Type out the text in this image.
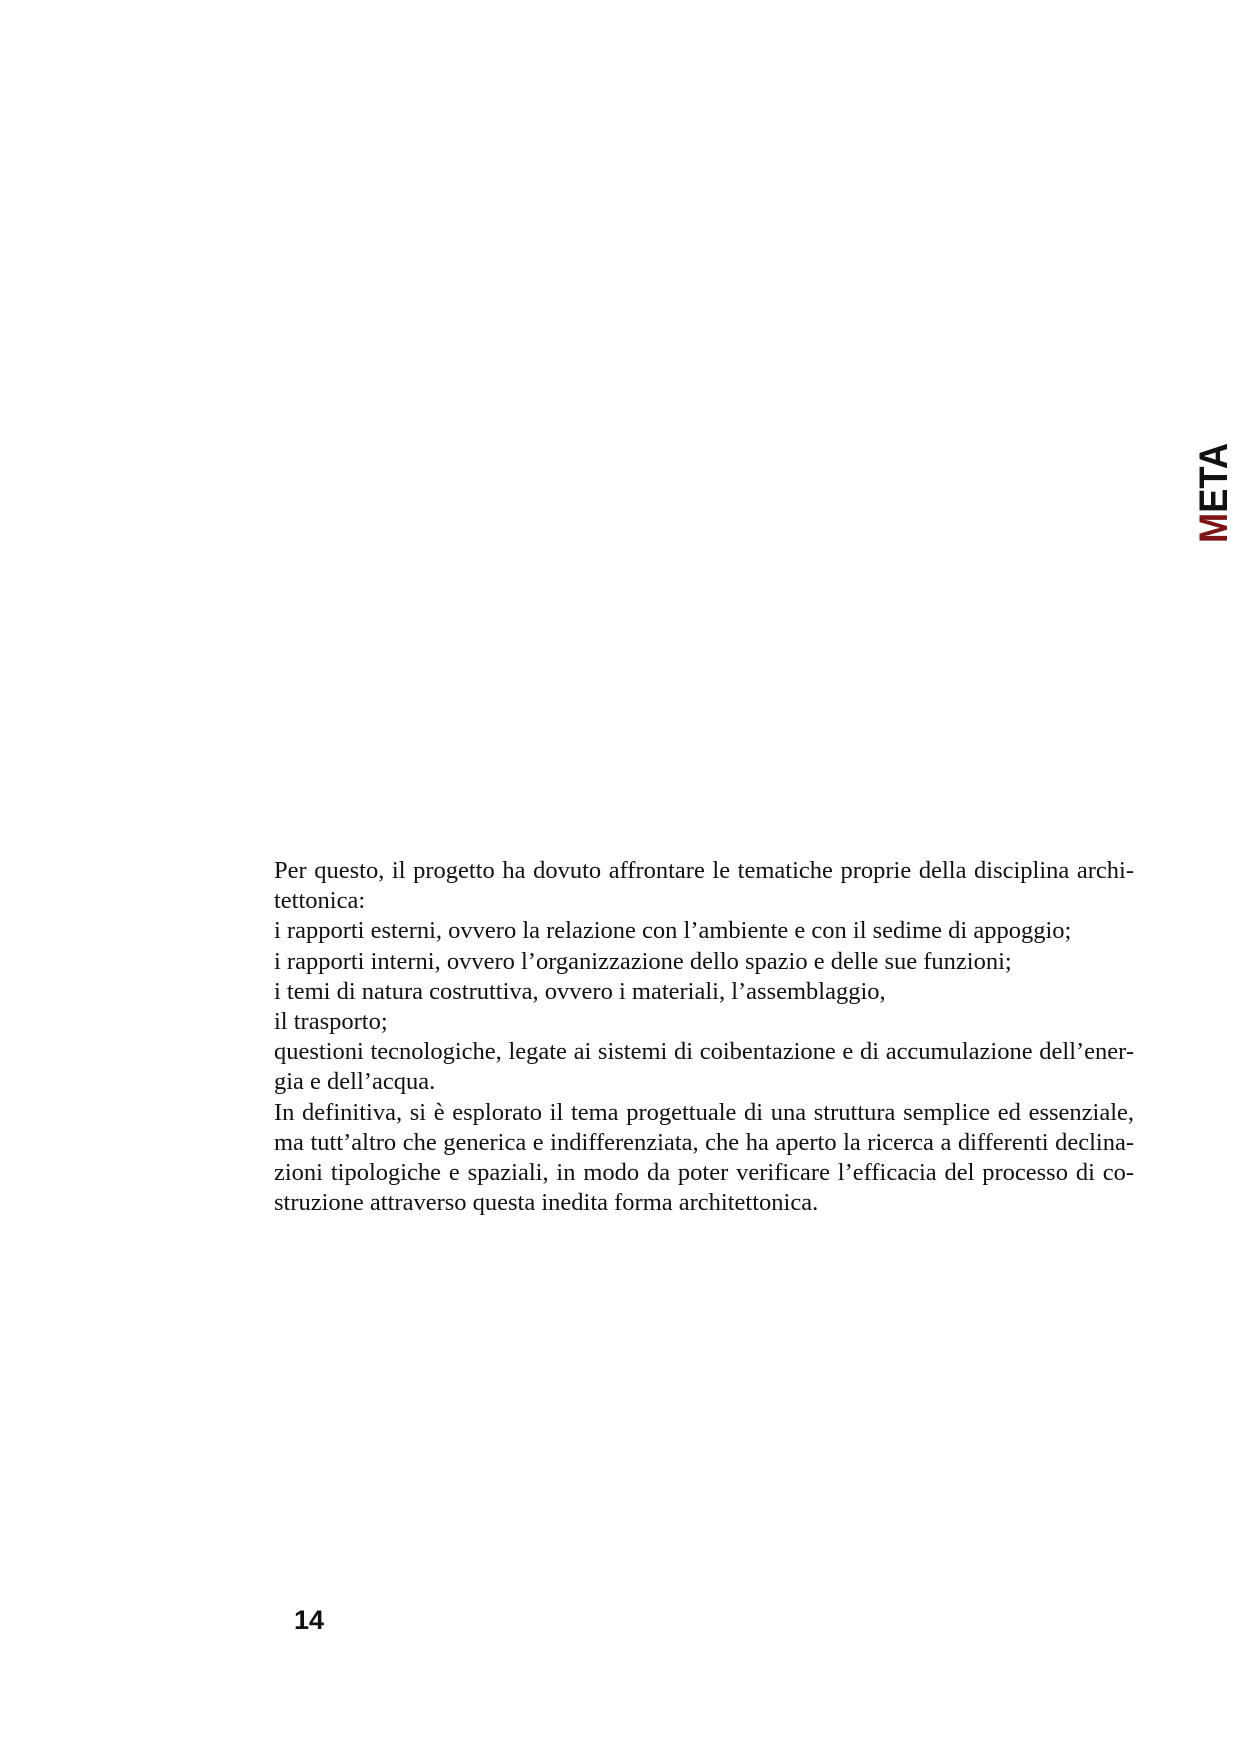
META
Per questo, il progetto ha dovuto affrontare le tematiche proprie della disciplina archi-
tettonica:
i rapporti esterni, ovvero la relazione con l’ambiente e con il sedime di appoggio;
i rapporti interni, ovvero l’organizzazione dello spazio e delle sue funzioni;
i temi di natura costruttiva, ovvero i materiali, l’assemblaggio,
il trasporto;
questioni tecnologiche, legate ai sistemi di coibentazione e di accumulazione dell’ener-
gia e dell’acqua.
In definitiva, si è esplorato il tema progettuale di una struttura semplice ed essenziale,
ma tutt’altro che generica e indifferenziata, che ha aperto la ricerca a differenti declina-
zioni tipologiche e spaziali, in modo da poter verificare l’efficacia del processo di co-
struzione attraverso questa inedita forma architettonica.
14
